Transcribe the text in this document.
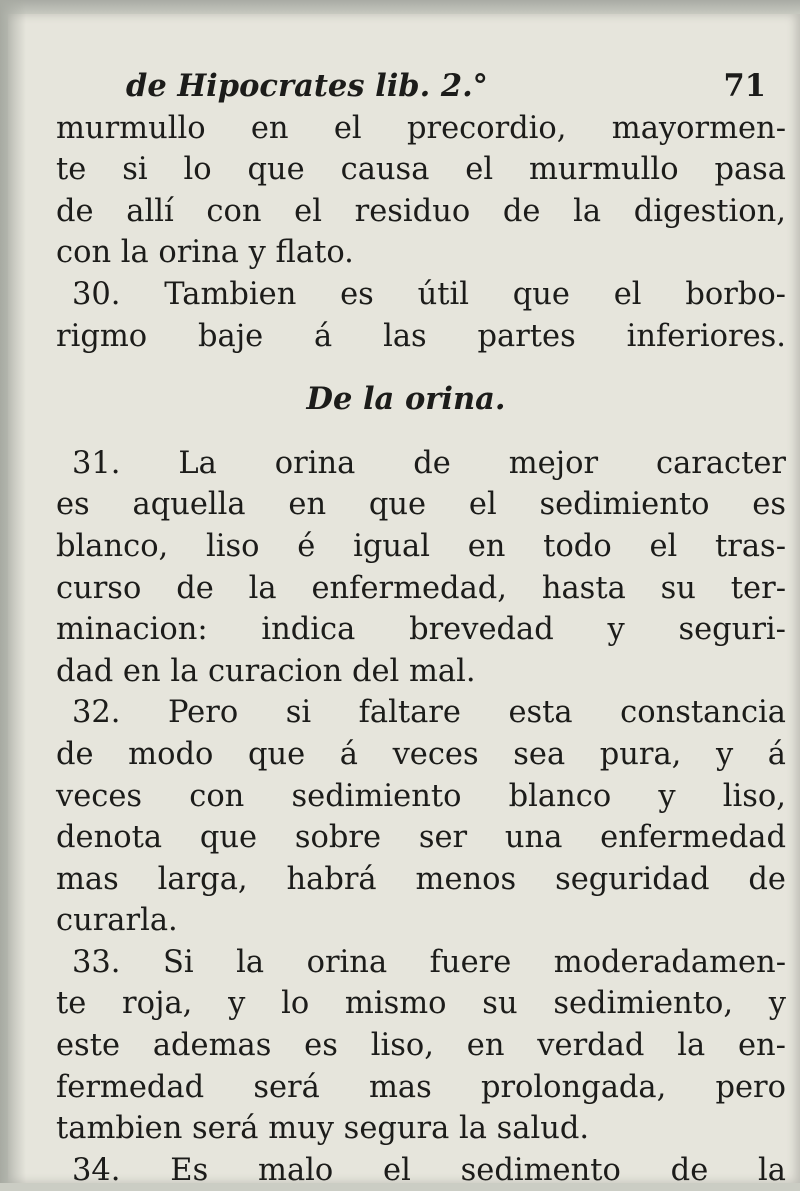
de Hipocrates lib. 2.°	71
murmullo en el precordio, mayormen-
te si lo que causa el murmullo pasa
de allí con el residuo de la digestion,
con la orina y flato.
30. Tambien es útil que el borbo-
rigmo baje á las partes inferiores.
De la orina.
31. La orina de mejor caracter
es aquella en que el sedimiento es
blanco, liso é igual en todo el tras-
curso de la enfermedad, hasta su ter-
minacion: indica brevedad y seguri-
dad en la curacion del mal.
32. Pero si faltare esta constancia
de modo que á veces sea pura, y á
veces con sedimiento blanco y liso,
denota que sobre ser una enfermedad
mas larga, habrá menos seguridad de
curarla.
33. Si la orina fuere moderadamen-
te roja, y lo mismo su sedimiento, y
este ademas es liso, en verdad la en-
fermedad será mas prolongada, pero
tambien será muy segura la salud.
34. Es malo el sedimento de la
